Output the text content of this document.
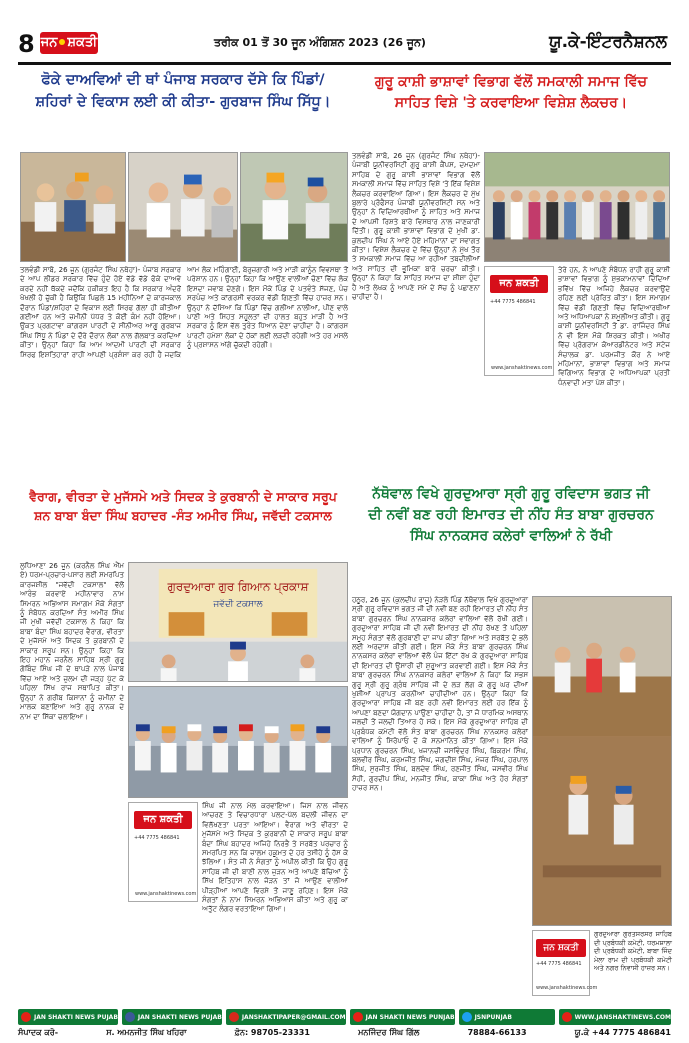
8 ਜਨ ਸ਼ਕਤੀ	ਤਰੀਕ 01 ਤੋਂ 30 ਜੂਨ ਅੰਗਿਸ਼ਨ 2023 (26 ਜੂਨ)	ਯੂ.ਕੇ-ਇੰਟਰਨੈਸ਼ਨਲ
ਫੋਕੇ ਦਾਅਵਿਆਂ ਦੀ ਥਾਂ ਪੰਜਾਬ ਸਰਕਾਰ ਦੱਸੇ ਕਿ ਪਿੰਡਾਂ/
ਸ਼ਹਿਰਾਂ ਦੇ ਵਿਕਾਸ ਲਈ ਕੀ ਕੀਤਾ- ਗੁਰਬਾਜ ਸਿੰਘ ਸਿੱਧੂ।
ਤਲਵੰਡੀ ਸਾਬੋ, 26 ਜੂਨ (ਗੁਰਜੰਟ ਸਿੰਘ ਨਥੇਹਾ)- ਪੰਜਾਬ ਸਰਕਾਰ ਦੇ ਆਪ ਲੀਡਰ ਸਰਕਾਰ ਵਿੱਚ ਹੁੰਦੇ ਹੋਏ ਵੱਡੇ ਵੱਡੇ ਫੋਕੇ ਦਾਅਵੇ ਕਰਦੇ ਨਹੀਂ ਥੱਕਦੇ ਜਦੋਂਕਿ ਹਕੀਕਤ ਇਹ ਹੈ ਕਿ ਸਰਕਾਰ ਅੰਦਰੋਂ ਖੋਖਲੀ ਹੋ ਚੁੱਕੀ ਹੈ ਕਿਉਂਕਿ ਪਿਛਲੇ 15 ਮਹੀਨਿਆਂ ਦੇ ਕਾਰਜਕਾਲ ਦੌਰਾਨ ਪਿੰਡਾਂ/ਸ਼ਹਿਰਾਂ ਦੇ ਵਿਕਾਸ ਲਈ ਸਿਰਫ ਗੱਲਾਂ ਹੀ ਕੀਤੀਆਂ ਗਈਆਂ ਹਨ ਅਤੇ ਜ਼ਮੀਨੀ ਪੱਧਰ ਤੇ ਕੋਈ ਕੰਮ ਨਹੀਂ ਹੋਇਆ। ਉਕਤ ਪ੍ਰਗਟਾਵਾ ਕਾਂਗਰਸ ਪਾਰਟੀ ਦੇ ਸੀਨੀਅਰ ਆਗੂ ਗੁਰਬਾਜ ਸਿੰਘ ਸਿੱਧੂ ਨੇ ਪਿੰਡਾਂ ਦੇ ਦੌਰੇ ਦੌਰਾਨ ਲੋਕਾਂ ਨਾਲ ਗੱਲਬਾਤ ਕਰਦਿਆਂ ਕੀਤਾ। ਉਨ੍ਹਾਂ ਕਿਹਾ ਕਿ ਆਮ ਆਦਮੀ ਪਾਰਟੀ ਦੀ ਸਰਕਾਰ ਸਿਰਫ ਇਸ਼ਤਿਹਾਰਾਂ ਰਾਹੀਂ ਆਪਣੀ ਪ੍ਰਸ਼ੰਸਾ ਕਰ ਰਹੀ ਹੈ ਜਦਕਿ ਆਮ ਲੋਕ ਮਹਿੰਗਾਈ, ਬੇਰੁਜ਼ਗਾਰੀ ਅਤੇ ਮਾੜੀ ਕਾਨੂੰਨ ਵਿਵਸਥਾ ਤੋਂ ਪਰੇਸ਼ਾਨ ਹਨ। ਉਨ੍ਹਾਂ ਕਿਹਾ ਕਿ ਆਉਣ ਵਾਲੀਆਂ ਚੋਣਾਂ ਵਿੱਚ ਲੋਕ ਇਸਦਾ ਜਵਾਬ ਦੇਣਗੇ। ਇਸ ਮੌਕੇ ਪਿੰਡ ਦੇ ਪਤਵੰਤੇ ਸੱਜਣ, ਪੰਚ ਸਰਪੰਚ ਅਤੇ ਕਾਂਗਰਸੀ ਵਰਕਰ ਵੱਡੀ ਗਿਣਤੀ ਵਿੱਚ ਹਾਜ਼ਰ ਸਨ। ਉਨ੍ਹਾਂ ਨੇ ਦੱਸਿਆ ਕਿ ਪਿੰਡਾਂ ਵਿੱਚ ਗਲੀਆਂ ਨਾਲੀਆਂ, ਪੀਣ ਵਾਲੇ ਪਾਣੀ ਅਤੇ ਸਿਹਤ ਸਹੂਲਤਾਂ ਦੀ ਹਾਲਤ ਬਹੁਤ ਮਾੜੀ ਹੈ ਅਤੇ ਸਰਕਾਰ ਨੂੰ ਇਸ ਵੱਲ ਤੁਰੰਤ ਧਿਆਨ ਦੇਣਾ ਚਾਹੀਦਾ ਹੈ। ਕਾਂਗਰਸ ਪਾਰਟੀ ਹਮੇਸ਼ਾ ਲੋਕਾਂ ਦੇ ਹੱਕਾਂ ਲਈ ਲੜਦੀ ਰਹੇਗੀ ਅਤੇ ਹਰ ਮਸਲੇ ਨੂੰ ਪ੍ਰਸ਼ਾਸਨ ਅੱਗੇ ਚੁੱਕਦੀ ਰਹੇਗੀ।
ਗੁਰੂ ਕਾਸ਼ੀ ਭਾਸ਼ਾਵਾਂ ਵਿਭਾਗ ਵੱਲੋਂ ਸਮਕਾਲੀ ਸਮਾਜ ਵਿੱਚ
ਸਾਹਿਤ ਵਿਸ਼ੇ 'ਤੇ ਕਰਵਾਇਆ ਵਿਸ਼ੇਸ਼ ਲੈਕਚਰ।
ਤਲਵੰਡੀ ਸਾਬੋ, 26 ਜੂਨ (ਗੁਰਜੰਟ ਸਿੰਘ ਨਥੇਹਾ)- ਪੰਜਾਬੀ ਯੂਨੀਵਰਸਿਟੀ ਗੁਰੂ ਕਾਸ਼ੀ ਕੈਂਪਸ, ਦਮਦਮਾ ਸਾਹਿਬ ਦੇ ਗੁਰੂ ਕਾਸ਼ੀ ਭਾਸ਼ਾਵਾਂ ਵਿਭਾਗ ਵੱਲੋਂ ਸਮਕਾਲੀ ਸਮਾਜ ਵਿੱਚ ਸਾਹਿਤ ਵਿਸ਼ੇ 'ਤੇ ਇੱਕ ਵਿਸ਼ੇਸ਼ ਲੈਕਚਰ ਕਰਵਾਇਆ ਗਿਆ। ਇਸ ਲੈਕਚਰ ਦੇ ਮੁੱਖ ਬੁਲਾਰੇ ਪ੍ਰੋਫੈਸਰ ਪੰਜਾਬੀ ਯੂਨੀਵਰਸਿਟੀ ਸਨ ਅਤੇ ਉਨ੍ਹਾਂ ਨੇ ਵਿਦਿਆਰਥੀਆਂ ਨੂੰ ਸਾਹਿਤ ਅਤੇ ਸਮਾਜ ਦੇ ਆਪਸੀ ਰਿਸ਼ਤੇ ਬਾਰੇ ਵਿਸਥਾਰ ਨਾਲ ਜਾਣਕਾਰੀ ਦਿੱਤੀ। ਗੁਰੂ ਕਾਸ਼ੀ ਭਾਸ਼ਾਵਾਂ ਵਿਭਾਗ ਦੇ ਮੁਖੀ ਡਾ. ਕੁਲਦੀਪ ਸਿੰਘ ਨੇ ਆਏ ਹੋਏ ਮਹਿਮਾਨਾਂ ਦਾ ਸਵਾਗਤ ਕੀਤਾ। ਵਿਸ਼ੇਸ਼ ਲੈਕਚਰ ਦੇ ਵਿੱਚ ਉਨ੍ਹਾਂ ਨੇ ਮੁੱਖ ਤੌਰ ਤੇ ਸਮਕਾਲੀ ਸਮਾਜ ਵਿੱਚ ਆ ਰਹੀਆਂ ਤਬਦੀਲੀਆਂ ਅਤੇ ਸਾਹਿਤ ਦੀ ਭੂਮਿਕਾ ਬਾਰੇ ਚਰਚਾ ਕੀਤੀ। ਉਨ੍ਹਾਂ ਨੇ ਕਿਹਾ ਕਿ ਸਾਹਿਤ ਸਮਾਜ ਦਾ ਸ਼ੀਸ਼ਾ ਹੁੰਦਾ ਹੈ ਅਤੇ ਲੇਖਕ ਨੂੰ ਆਪਣੇ ਸਮੇਂ ਦੇ ਸੱਚ ਨੂੰ ਪਛਾਣਨਾ ਚਾਹੀਦਾ ਹੈ।
ਜਨ ਸ਼ਕਤੀ
+44 7775 486841
www.janshaktinews.com
ਤੇਰੇ ਹਨ, ਨੇ ਆਪਣੇ ਸੰਬੋਧਨ ਰਾਹੀਂ ਗੁਰੂ ਕਾਸ਼ੀ ਭਾਸ਼ਾਵਾਂ ਵਿਭਾਗ ਨੂੰ ਸ਼ੁਭਕਾਮਨਾਵਾਂ ਦਿੰਦਿਆਂ ਭਵਿੱਖ ਵਿੱਚ ਅਜਿਹੇ ਲੈਕਚਰ ਕਰਵਾਉਂਦੇ ਰਹਿਣ ਲਈ ਪ੍ਰੇਰਿਤ ਕੀਤਾ। ਇਸ ਸਮਾਗਮ ਵਿੱਚ ਵੱਡੀ ਗਿਣਤੀ ਵਿੱਚ ਵਿਦਿਆਰਥੀਆਂ ਅਤੇ ਅਧਿਆਪਕਾਂ ਨੇ ਸ਼ਮੂਲੀਅਤ ਕੀਤੀ। ਗੁਰੂ ਕਾਸ਼ੀ ਯੂਨੀਵਰਸਿਟੀ ਤੋਂ ਡਾ. ਰਾਜਿੰਦਰ ਸਿੰਘ ਨੇ ਵੀ ਇਸ ਮੌਕੇ ਸ਼ਿਰਕਤ ਕੀਤੀ। ਅਖੀਰ ਵਿੱਚ ਪ੍ਰੋਗਰਾਮ ਕੋਆਰਡੀਨੇਟਰ ਅਤੇ ਸਟੇਜ ਸੰਚਾਲਕ ਡਾ. ਪਰਮਜੀਤ ਕੌਰ ਨੇ ਆਏ ਮਹਿਮਾਨਾਂ, ਭਾਸ਼ਾਵਾਂ ਵਿਭਾਗ ਅਤੇ ਸਮਾਜ ਵਿਗਿਆਨ ਵਿਭਾਗ ਦੇ ਅਧਿਆਪਕਾਂ ਪ੍ਰਤੀ ਧੰਨਵਾਦੀ ਮਤਾ ਪੇਸ਼ ਕੀਤਾ।
ਨੱਥੋਵਾਲ ਵਿਖੇ ਗੁਰਦੁਆਰਾ ਸ੍ਰੀ ਗੁਰੂ ਰਵਿਦਾਸ ਭਗਤ ਜੀ
ਦੀ ਨਵੀਂ ਬਣ ਰਹੀ ਇਮਾਰਤ ਦੀ ਨੀਂਹ ਸੰਤ ਬਾਬਾ ਗੁਰਚਰਨ
ਸਿੰਘ ਨਾਨਕਸਰ ਕਲੇਰਾਂ ਵਾਲਿਆਂ ਨੇ ਰੱਖੀ
ਹਠੂਰ, 26 ਜੂਨ (ਕੁਲਦੀਪ ਰਾਜੂ) ਨੇੜਲੇ ਪਿੰਡ ਨੱਥੋਵਾਲ ਵਿਖੇ ਗੁਰਦੁਆਰਾ ਸ੍ਰੀ ਗੁਰੂ ਰਵਿਦਾਸ ਭਗਤ ਜੀ ਦੀ ਨਵੀਂ ਬਣ ਰਹੀ ਇਮਾਰਤ ਦੀ ਨੀਂਹ ਸੰਤ ਬਾਬਾ ਗੁਰਚਰਨ ਸਿੰਘ ਨਾਨਕਸਰ ਕਲੇਰਾਂ ਵਾਲਿਆਂ ਵੱਲੋਂ ਰੱਖੀ ਗਈ। ਗੁਰਦੁਆਰਾ ਸਾਹਿਬ ਜੀ ਦੀ ਨਵੀਂ ਇਮਾਰਤ ਦੀ ਨੀਂਹ ਰੱਖਣ ਤੋਂ ਪਹਿਲਾਂ ਸਮੂਹ ਸੰਗਤਾਂ ਵੱਲੋਂ ਗੁਰਬਾਣੀ ਦਾ ਜਾਪ ਕੀਤਾ ਗਿਆ ਅਤੇ ਸਰਬੱਤ ਦੇ ਭਲੇ ਲਈ ਅਰਦਾਸ ਕੀਤੀ ਗਈ। ਇਸ ਮੌਕੇ ਸੰਤ ਬਾਬਾ ਗੁਰਚਰਨ ਸਿੰਘ ਨਾਨਕਸਰ ਕਲੇਰਾਂ ਵਾਲਿਆਂ ਵੱਲੋਂ ਪੰਜ ਇੱਟਾਂ ਰੱਖ ਕੇ ਗੁਰਦੁਆਰਾ ਸਾਹਿਬ ਦੀ ਇਮਾਰਤ ਦੀ ਉਸਾਰੀ ਦੀ ਸ਼ੁਰੂਆਤ ਕਰਵਾਈ ਗਈ। ਇਸ ਮੌਕੇ ਸੰਤ ਬਾਬਾ ਗੁਰਚਰਨ ਸਿੰਘ ਨਾਨਕਸਰ ਕਲੇਰਾਂ ਵਾਲਿਆਂ ਨੇ ਕਿਹਾ ਕਿ ਸਭਸ ਗੁਰੂ ਸ੍ਰੀ ਗੁਰੂ ਗ੍ਰੰਥ ਸਾਹਿਬ ਜੀ ਦੇ ਲੜ ਲੱਗ ਕੇ ਗੁਰੂ ਘਰ ਦੀਆਂ ਖੁਸ਼ੀਆਂ ਪ੍ਰਾਪਤ ਕਰਨੀਆਂ ਚਾਹੀਦੀਆਂ ਹਨ। ਉਨ੍ਹਾਂ ਕਿਹਾ ਕਿ ਗੁਰਦੁਆਰਾ ਸਾਹਿਬ ਜੀ ਬਣ ਰਹੀ ਨਵੀਂ ਇਮਾਰਤ ਲਈ ਹਰ ਇੱਕ ਨੂੰ ਆਪਣਾ ਬਣਦਾ ਯੋਗਦਾਨ ਪਾਉਣਾ ਚਾਹੀਦਾ ਹੈ, ਤਾਂ ਜੋ ਧਾਰਮਿਕ ਅਸਥਾਨ ਜਲਦੀ ਤੋਂ ਜਲਦੀ ਤਿਆਰ ਹੋ ਸਕੇ। ਇਸ ਮੌਕੇ ਗੁਰਦੁਆਰਾ ਸਾਹਿਬ ਦੀ ਪ੍ਰਬੰਧਕ ਕਮੇਟੀ ਵੱਲੋਂ ਸੰਤ ਬਾਬਾ ਗੁਰਚਰਨ ਸਿੰਘ ਨਾਨਕਸਰ ਕਲੇਰਾਂ ਵਾਲਿਆਂ ਨੂੰ ਸਿਰੋਪਾਓ ਦੇ ਕੇ ਸਨਮਾਨਿਤ ਕੀਤਾ ਗਿਆ। ਇਸ ਮੌਕੇ ਪ੍ਰਧਾਨ ਗੁਰਚਰਨ ਸਿੰਘ, ਖਜਾਨਚੀ ਜਸਵਿੰਦਰ ਸਿੰਘ, ਬਿਕਰਮ ਸਿੰਘ, ਬਲਵੀਰ ਸਿੰਘ, ਕਰਮਜੀਤ ਸਿੰਘ, ਜਗਦੀਸ਼ ਸਿੰਘ, ਮੇਜਰ ਸਿੰਘ, ਹਰਪਾਲ ਸਿੰਘ, ਸੁਰਜੀਤ ਸਿੰਘ, ਬਲਦੇਵ ਸਿੰਘ, ਰਣਜੀਤ ਸਿੰਘ, ਜਸਵੀਰ ਸਿੰਘ ਸੋਹੀ, ਗੁਰਦੀਪ ਸਿੰਘ, ਮਨਜੀਤ ਸਿੰਘ, ਕਾਕਾ ਸਿੰਘ ਅਤੇ ਹੋਰ ਸੰਗਤਾਂ ਹਾਜ਼ਰ ਸਨ।
ਜਨ ਸ਼ਕਤੀ
+44 7775 486841
www.janshaktinews.com
ਗੁਰਦੁਆਰਾ ਗੁਰਤਸਰਸਰ ਸਾਹਿਬ ਦੀ ਪ੍ਰਬੰਧਕੀ ਕਮੇਟੀ, ਧਰਮਸ਼ਾਲਾ ਦੀ ਪ੍ਰਬੰਧਕੀ ਕਮੇਟੀ, ਬਾਬਾ ਜਿੰਦ ਮੇਲਾ ਰਾਮ ਦੀ ਪ੍ਰਬੰਧਕੀ ਕਮੇਟੀ ਅਤੇ ਨਗਰ ਨਿਵਾਸੀ ਹਾਜ਼ਰ ਸਨ।
ਵੈਰਾਗ, ਵੀਰਤਾ ਦੇ ਮੁਜੱਸਮੇ ਅਤੇ ਸਿਦਕ ਤੇ ਕੁਰਬਾਨੀ ਦੇ ਸਾਕਾਰ ਸਰੂਪ
ਸ਼ਨ ਬਾਬਾ ਬੰਦਾ ਸਿੰਘ ਬਹਾਦਰ -ਸੰਤ ਅਮੀਰ ਸਿੰਘ, ਜਵੱਦੀ ਟਕਸਾਲ
ਲੁਧਿਆਣਾ 26 ਜੂਨ (ਕਰਨੈਲ ਸਿੰਘ ਐੱਮ ਏ) ਧਰਮ-ਪ੍ਰਚਾਰ-ਪਸਾਰ ਲਈ ਸਮਰਪਿਤ ਕਾਰਜਸ਼ੀਲ "ਜਵੱਦੀ ਟਕਸਾਲ" ਵੱਲੋਂ ਆਰੰਭ ਕਰਵਾਏ ਮਹੀਨਾਵਾਰ ਨਾਮ ਸਿਮਰਨ ਅਭਿਆਸ ਸਮਾਗਮ ਮੌਕੇ ਸੰਗਤਾਂ ਨੂੰ ਸੰਬੋਧਨ ਕਰਦਿਆਂ ਸੰਤ ਅਮੀਰ ਸਿੰਘ ਜੀ ਮੁਖੀ ਜਵੱਦੀ ਟਕਸਾਲ ਨੇ ਕਿਹਾ ਕਿ ਬਾਬਾ ਬੰਦਾ ਸਿੰਘ ਬਹਾਦਰ ਵੈਰਾਗ, ਵੀਰਤਾ ਦੇ ਮੁਜੱਸਮੇ ਅਤੇ ਸਿਦਕ ਤੇ ਕੁਰਬਾਨੀ ਦੇ ਸਾਕਾਰ ਸਰੂਪ ਸਨ। ਉਨ੍ਹਾਂ ਕਿਹਾ ਕਿ ਇਹ ਮਹਾਨ ਜਰਨੈਲ ਸਾਹਿਬ ਸ੍ਰੀ ਗੁਰੂ ਗੋਬਿੰਦ ਸਿੰਘ ਜੀ ਦੇ ਥਾਪੜੇ ਨਾਲ ਪੰਜਾਬ ਵਿੱਚ ਆਏ ਅਤੇ ਜ਼ੁਲਮ ਦੀ ਜੜ੍ਹ ਪੁੱਟ ਕੇ ਪਹਿਲਾ ਸਿੱਖ ਰਾਜ ਸਥਾਪਿਤ ਕੀਤਾ। ਉਨ੍ਹਾਂ ਨੇ ਗਰੀਬ ਕਿਸਾਨਾਂ ਨੂੰ ਜ਼ਮੀਨਾਂ ਦੇ ਮਾਲਕ ਬਣਾਇਆ ਅਤੇ ਗੁਰੂ ਨਾਨਕ ਦੇ ਨਾਮ ਦਾ ਸਿੱਕਾ ਚਲਾਇਆ।
ਗੁਰਦੁਆਰਾ ਗੁਰ ਗਿਆਨ ਪ੍ਰਕਾਸ਼
ਜਵੱਦੀ ਟਕਸਾਲ
ਜਨ ਸ਼ਕਤੀ
+44 7775 486841
www.janshaktinews.com
ਸਿੰਘ ਜੀ ਨਾਲ ਮੇਲ ਕਰਵਾਇਆ। ਜਿਸ ਨਾਲ ਜੀਵਨ ਆਚਰਣ ਤੇ ਵਿਚਾਰਧਾਰਾ ਪਲਟ-ਪੱਲ ਬਦਲੀ ਜੀਵਨ ਦਾ ਵਿਲੱਖਣਤਾ ਪਰਤਾ ਆਇਆ। ਵੈਰਾਗ ਅਤੇ ਵੀਰਤਾ ਦੇ ਮੁਜੱਸਮੇ ਅਤੇ ਸਿਦਕ ਤੇ ਕੁਰਬਾਨੀ ਦੇ ਸਾਕਾਰ ਸਰੂਪ ਬਾਬਾ ਬੰਦਾ ਸਿੰਘ ਬਹਾਦਰ ਅਜਿਹੇ ਨਿਰਭੈ ਤੇ ਸਰਬੱਤ ਪਰਚਾਰ ਨੂੰ ਸਮਰਪਿਤ ਸਨ ਕਿ ਜ਼ਾਲਮ ਹਕੂਮਤ ਦੇ ਹਰ ਤਸੀਹੇ ਨੂੰ ਹੱਸ ਕੇ ਝੱਲਿਆ। ਸੰਤ ਜੀ ਨੇ ਸੰਗਤਾਂ ਨੂੰ ਅਪੀਲ ਕੀਤੀ ਕਿ ਉਹ ਗੁਰੂ ਸਾਹਿਬ ਜੀ ਦੀ ਬਾਣੀ ਨਾਲ ਜੁੜਨ ਅਤੇ ਆਪਣੇ ਬੱਚਿਆਂ ਨੂੰ ਸਿੱਖ ਇਤਿਹਾਸ ਨਾਲ ਜੋੜਨ ਤਾਂ ਜੋ ਆਉਣ ਵਾਲੀਆਂ ਪੀੜ੍ਹੀਆਂ ਆਪਣੇ ਵਿਰਸੇ ਤੋਂ ਜਾਣੂ ਰਹਿਣ। ਇਸ ਮੌਕੇ ਸੰਗਤਾਂ ਨੇ ਨਾਮ ਸਿਮਰਨ ਅਭਿਆਸ ਕੀਤਾ ਅਤੇ ਗੁਰੂ ਕਾ ਅਤੁੱਟ ਲੰਗਰ ਵਰਤਾਇਆ ਗਿਆ।
JAN SHAKTI NEWS PUJAB	JAN SHAKTI NEWS PUJAB	JANSHAKTIPAPER@GMAIL.COM	JAN SHAKTI NEWS PUNJAB	JSNPUNJAB	WWW.JANSHAKTINEWS.COM
ਸੰਪਾਦਕ ਕਰੋ-	ਸ. ਅਮਨਜੀਤ ਸਿੰਘ ਖਹਿਰਾ	ਫ਼ੋਨ: 98705-23331	ਮਨਜਿੰਦਰ ਸਿੰਘ ਗਿੱਲ	78884-66133	ਯੂ.ਕੇ +44 7775 486841
